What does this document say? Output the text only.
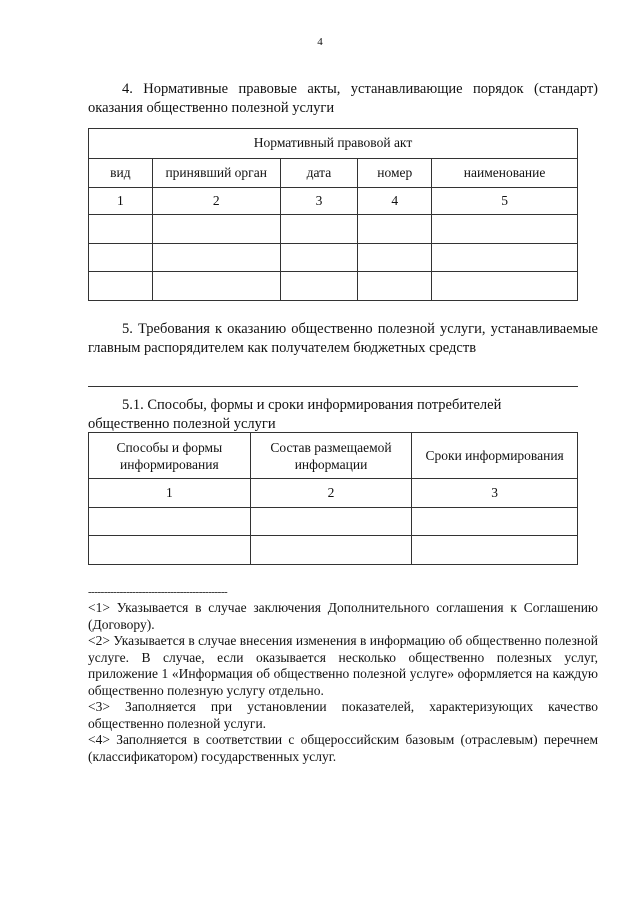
4
4. Нормативные правовые акты, устанавливающие порядок (стандарт) оказания общественно полезной услуги
Нормативный правовой акт				
вид	принявший орган	дата	номер	наименование
1	2	3	4	5

5. Требования к оказанию общественно полезной услуги, устанавливаемые главным распорядителем как получателем бюджетных средств
5.1. Способы, формы и сроки информирования потребителей общественно полезной услуги
Способы и формы информирования	Состав размещаемой информации	Сроки информирования
1	2	3

--------------------------------------------

<1> Указывается в случае заключения Дополнительного соглашения к Соглашению (Договору).

<2> Указывается в случае внесения изменения в информацию об общественно полезной услуге. В случае, если оказывается несколько общественно полезных услуг, приложение 1 «Информация об общественно полезной услуге» оформляется на каждую общественно полезную услугу отдельно.

<3> Заполняется при установлении показателей, характеризующих качество общественно полезной услуги.

<4> Заполняется в соответствии с общероссийским базовым (отраслевым) перечнем (классификатором) государственных услуг.
